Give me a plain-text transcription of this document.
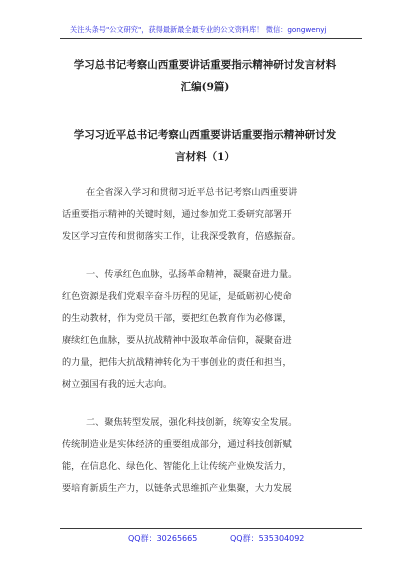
关注头条号"公文研究"，获得最新最全最专业的公文资料库！ 微信：gongwenyj
学习总书记考察山西重要讲话重要指示精神研讨发言材料
汇编(9篇)
学习习近平总书记考察山西重要讲话重要指示精神研讨发
言材料（1）
在全省深入学习和贯彻习近平总书记考察山西重要讲
话重要指示精神的关键时刻，通过参加党工委研究部署开
发区学习宣传和贯彻落实工作，让我深受教育，倍感振奋。
一、传承红色血脉，弘扬革命精神，凝聚奋进力量。
红色资源是我们党艰辛奋斗历程的见证，是砥砺初心使命
的生动教材，作为党员干部，要把红色教育作为必修课，
赓续红色血脉，要从抗战精神中汲取革命信仰，凝聚奋进
的力量，把伟大抗战精神转化为干事创业的责任和担当，
树立强国有我的远大志向。
二、聚焦转型发展，强化科技创新，统筹安全发展。
传统制造业是实体经济的重要组成部分，通过科技创新赋
能，在信息化、绿色化、智能化上让传统产业焕发活力，
要培育新质生产力，以链条式思维抓产业集聚，大力发展
QQ群：30265665	QQ群：535304092
